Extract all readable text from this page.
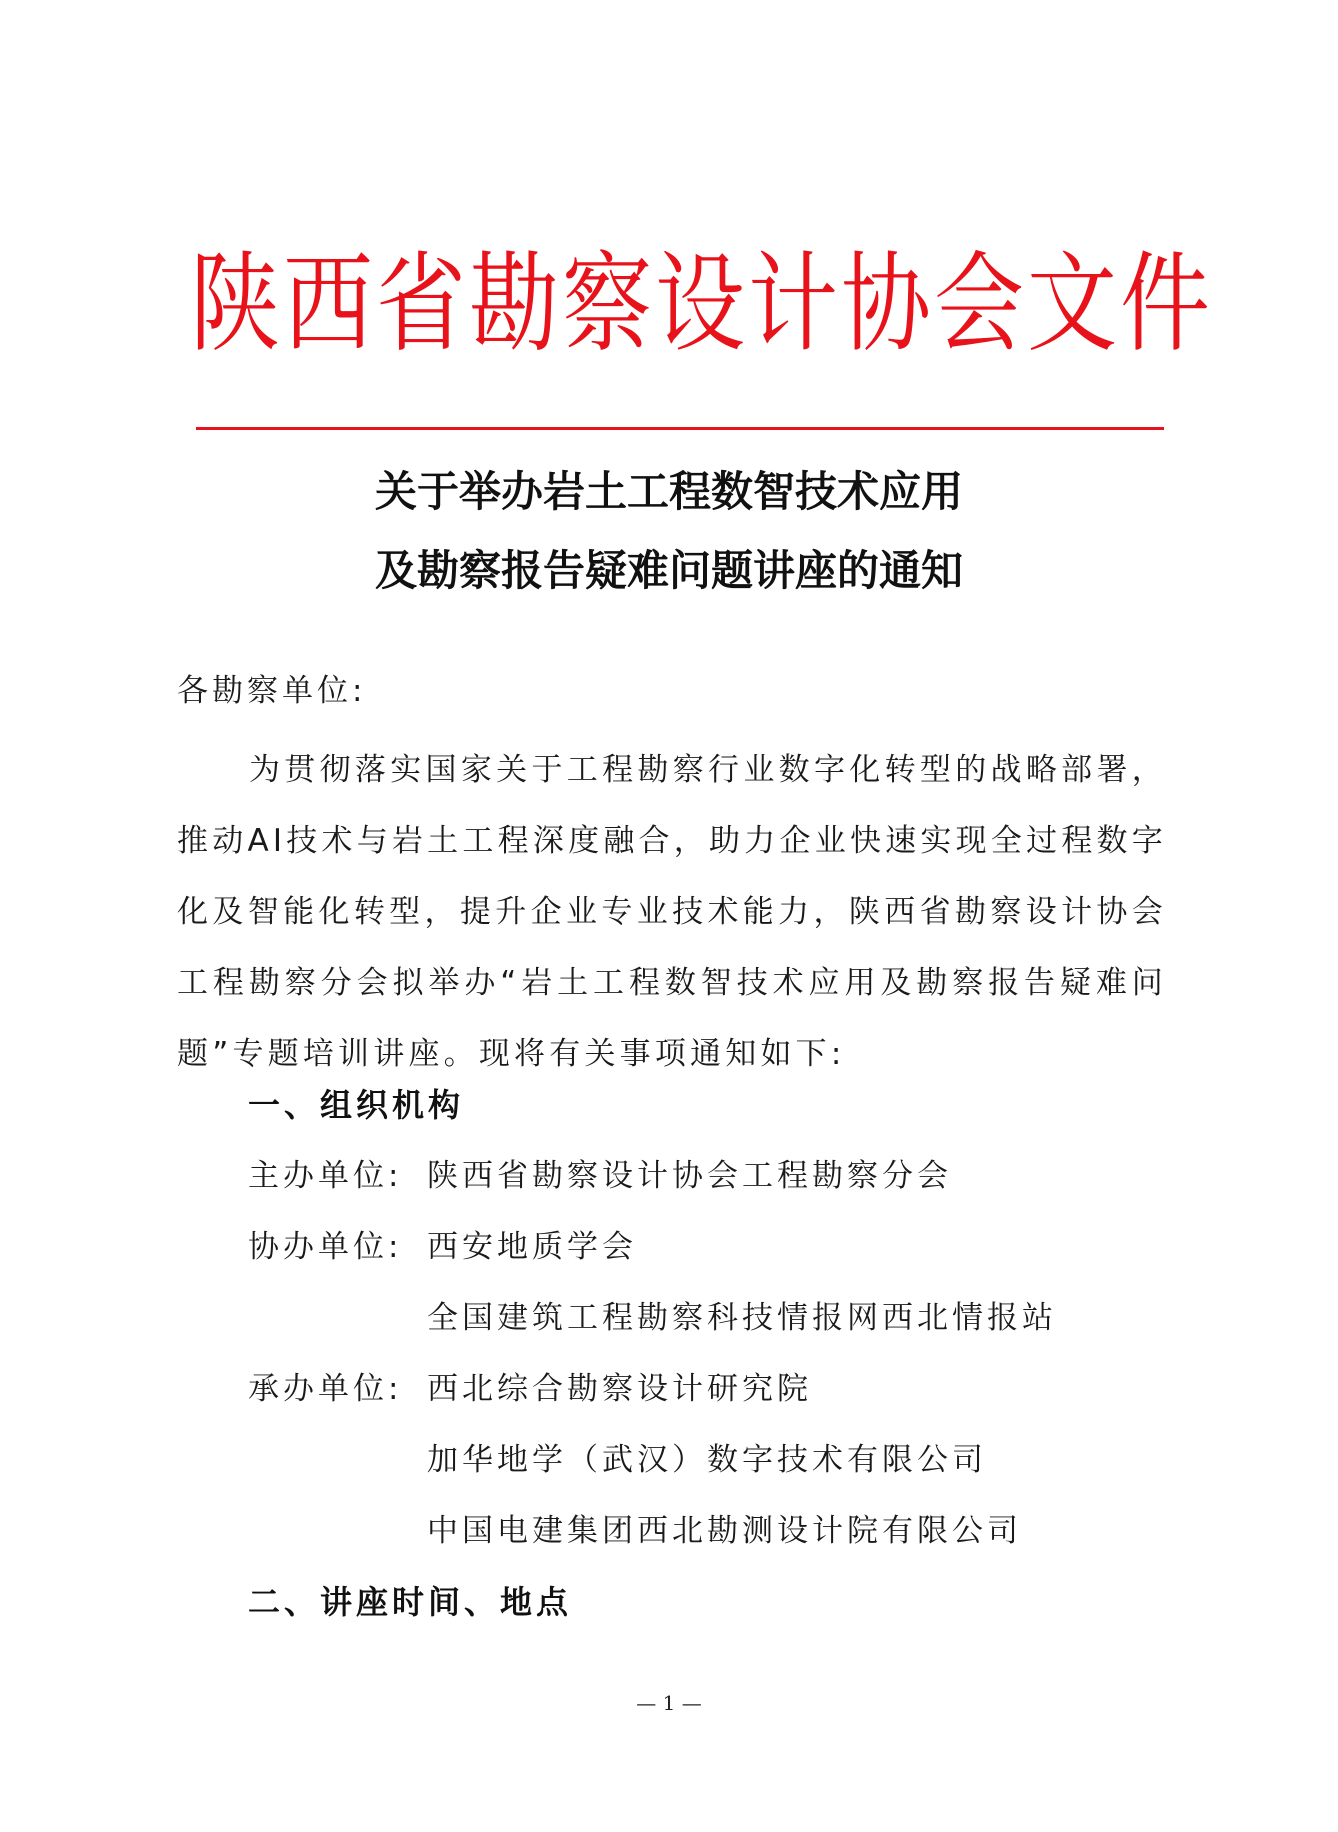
陕西省勘察设计协会文件
关于举办岩土工程数智技术应用
及勘察报告疑难问题讲座的通知
各勘察单位:
为贯彻落实国家关于工程勘察行业数字化转型的战略部署，推动AI技术与岩土工程深度融合，助力企业快速实现全过程数字化及智能化转型，提升企业专业技术能力，陕西省勘察设计协会工程勘察分会拟举办“岩土工程数智技术应用及勘察报告疑难问题”专题培训讲座。现将有关事项通知如下:
一、组织机构
主办单位: 陕西省勘察设计协会工程勘察分会
协办单位: 西安地质学会
全国建筑工程勘察科技情报网西北情报站
承办单位: 西北综合勘察设计研究院
加华地学（武汉）数字技术有限公司
中国电建集团西北勘测设计院有限公司
二、讲座时间、地点
— 1 —
